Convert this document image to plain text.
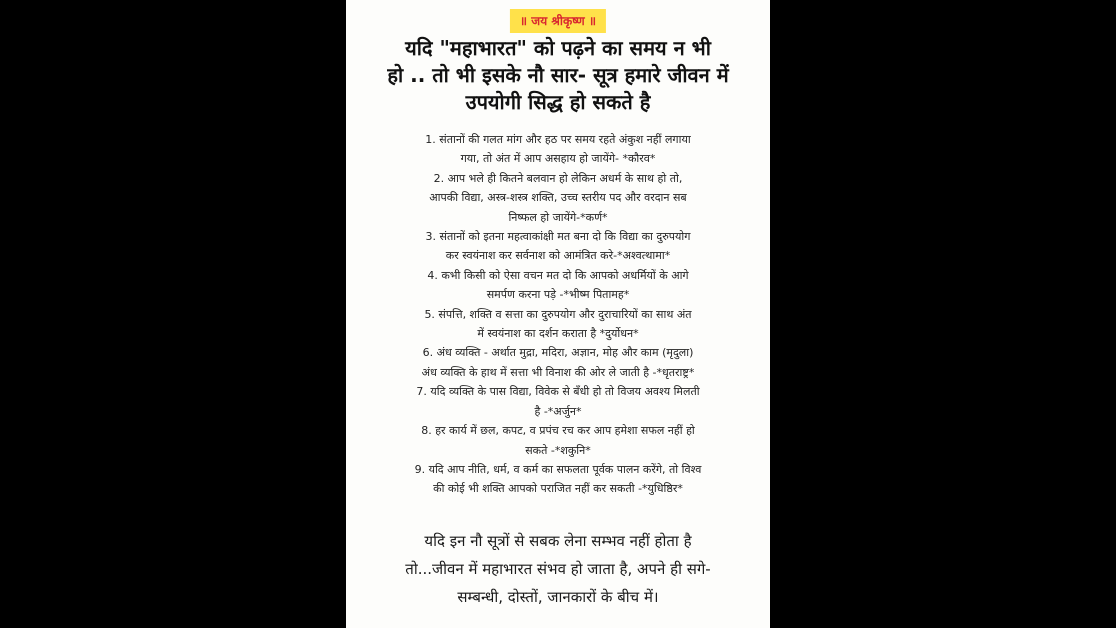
॥ जय श्रीकृष्ण ॥
यदि "महाभारत" को पढ़ने का समय न भी
हो .. तो भी इसके नौ सार- सूत्र हमारे जीवन में
उपयोगी सिद्ध हो सकते है
1. संतानों की गलत मांग और हठ पर समय रहते अंकुश नहीं लगाया
गया, तो अंत में आप असहाय हो जायेंगे- *कौरव*
2. आप भले ही कितने बलवान हो लेकिन अधर्म के साथ हो तो,
आपकी विद्या, अस्त्र-शस्त्र शक्ति, उच्च स्तरीय पद और वरदान सब
निष्फल हो जायेंगे-*कर्ण*
3. संतानों को इतना महत्वाकांक्षी मत बना दो कि विद्या का दुरुपयोग
कर स्वयंनाश कर सर्वनाश को आमंत्रित करे-*अश्वत्थामा*
4. कभी किसी को ऐसा वचन मत दो कि आपको अधर्मियों के आगे
समर्पण करना पड़े -*भीष्म पितामह*
5. संपत्ति, शक्ति व सत्ता का दुरुपयोग और दुराचारियों का साथ अंत
में स्वयंनाश का दर्शन कराता है *दुर्योधन*
6. अंध व्यक्ति - अर्थात मुद्रा, मदिरा, अज्ञान, मोह और काम (मृदुला)
अंध व्यक्ति के हाथ में सत्ता भी विनाश की ओर ले जाती है -*धृतराष्ट्र*
7. यदि व्यक्ति के पास विद्या, विवेक से बँधी हो तो विजय अवश्य मिलती
है -*अर्जुन*
8. हर कार्य में छल, कपट, व प्रपंच रच कर आप हमेशा सफल नहीं हो
सकते -*शकुनि*
9. यदि आप नीति, धर्म, व कर्म का सफलता पूर्वक पालन करेंगे, तो विश्व
की कोई भी शक्ति आपको पराजित नहीं कर सकती -*युधिष्ठिर*
यदि इन नौ सूत्रों से सबक लेना सम्भव नहीं होता है
तो...जीवन में महाभारत संभव हो जाता है, अपने ही सगे-
सम्बन्धी, दोस्तों, जानकारों के बीच में।
